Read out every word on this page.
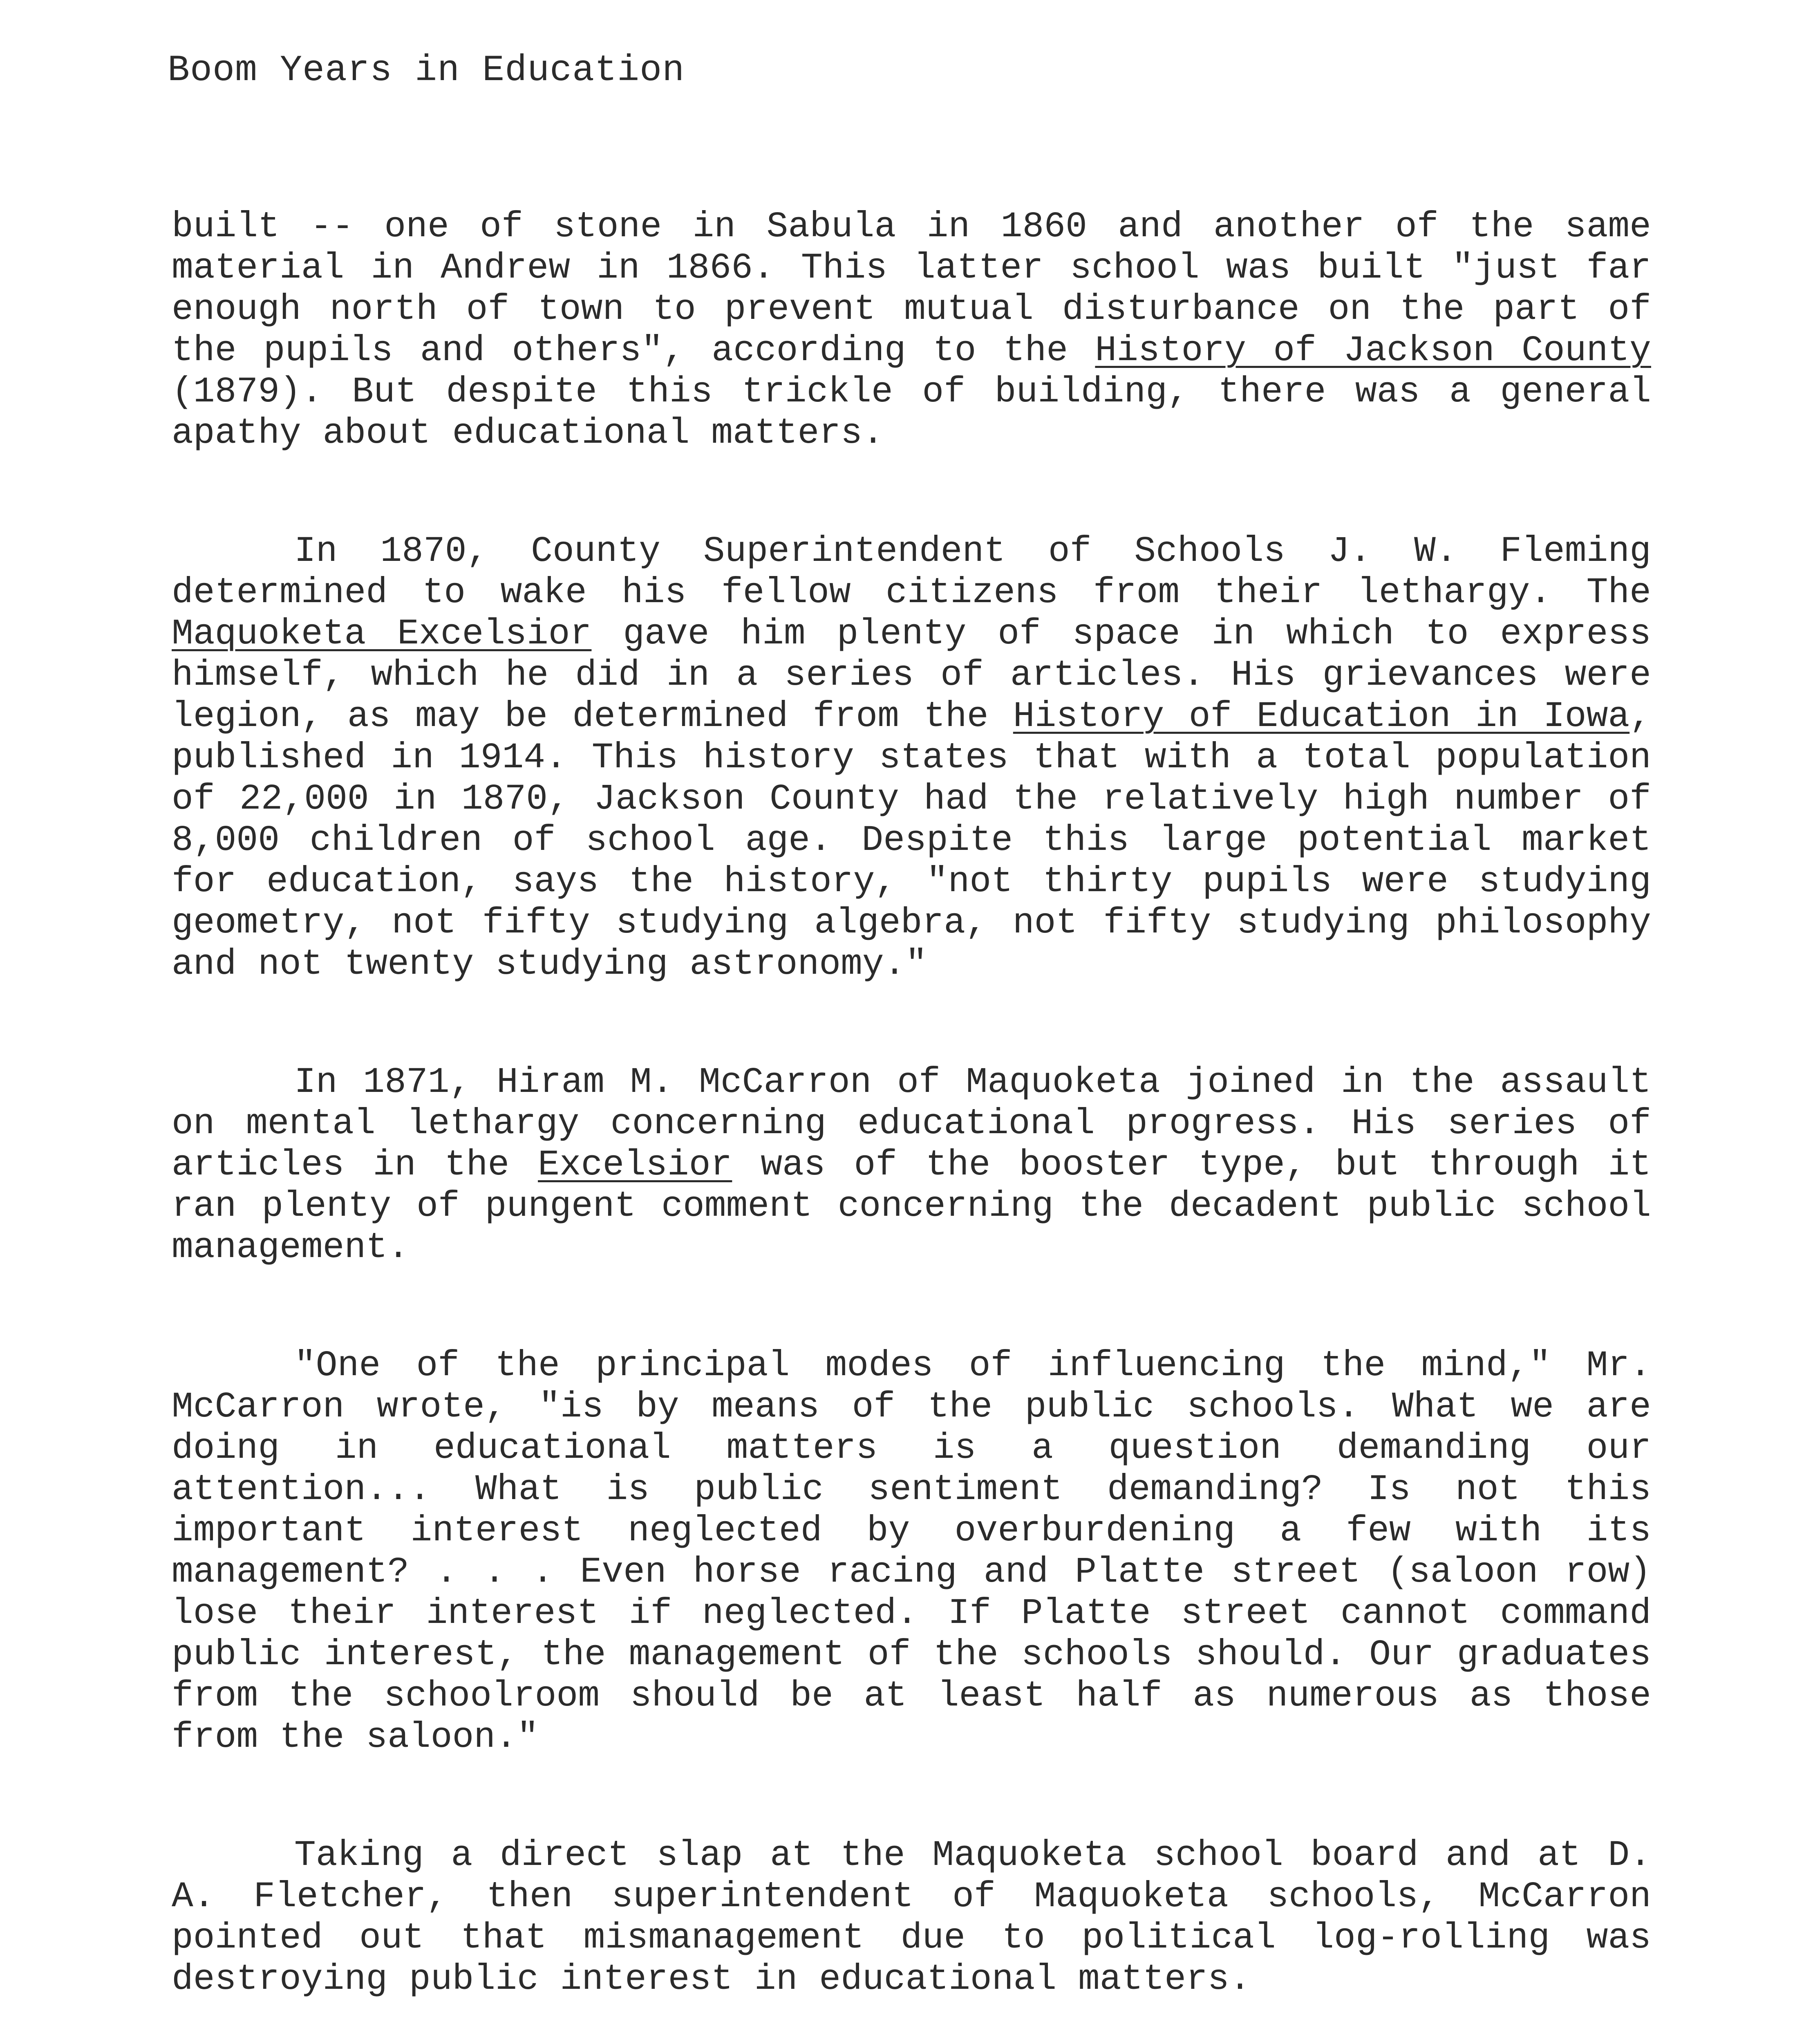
Boom Years in Education

built -- one of stone in Sabula in 1860 and another of the same material in Andrew in 1866. This latter school was built "just far enough north of town to prevent mutual disturbance on the part of the pupils and others", according to the History of Jackson County (1879). But despite this trickle of building, there was a general apathy about educational matters.

In 1870, County Superintendent of Schools J. W. Fleming determined to wake his fellow citizens from their lethargy. The Maquoketa Excelsior gave him plenty of space in which to express himself, which he did in a series of articles. His grievances were legion, as may be determined from the History of Education in Iowa, published in 1914. This history states that with a total population of 22,000 in 1870, Jackson County had the relatively high number of 8,000 children of school age. Despite this large potential market for education, says the history, "not thirty pupils were studying geometry, not fifty studying algebra, not fifty studying philosophy and not twenty studying astronomy."

In 1871, Hiram M. McCarron of Maquoketa joined in the assault on mental lethargy concerning educational progress. His series of articles in the Excelsior was of the booster type, but through it ran plenty of pungent comment concerning the decadent public school management.

"One of the principal modes of influencing the mind," Mr. McCarron wrote, "is by means of the public schools. What we are doing in educational matters is a question demanding our attention... What is public sentiment demanding? Is not this important interest neglected by overburdening a few with its management? . . . Even horse racing and Platte street (saloon row) lose their interest if neglected. If Platte street cannot command public interest, the management of the schools should. Our graduates from the schoolroom should be at least half as numerous as those from the saloon."

Taking a direct slap at the Maquoketa school board and at D. A. Fletcher, then superintendent of Maquoketa schools, McCarron pointed out that mismanagement due to political log-rolling was destroying public interest in educational matters.
